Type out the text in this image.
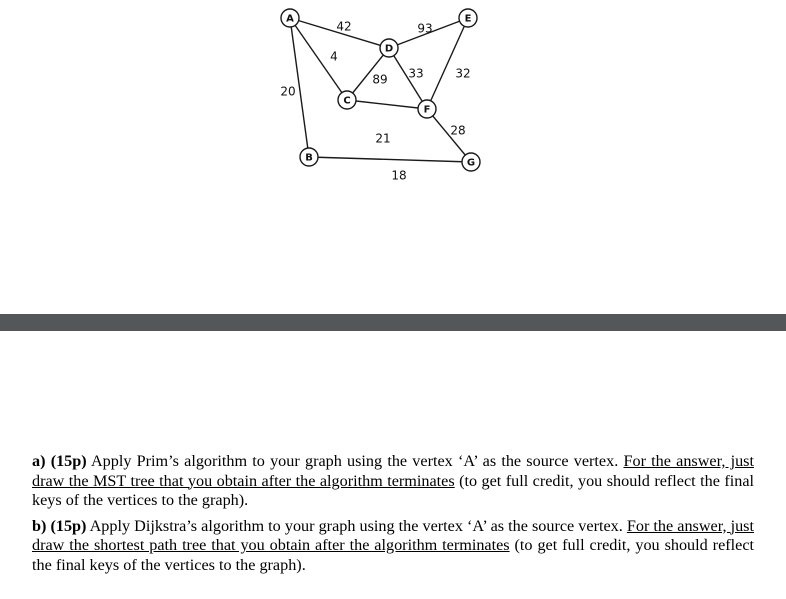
42
4
20
89
93
33	32
21
28
18
A
B
C
D
E
F
G

a) (15p) Apply Prim’s algorithm to your graph using the vertex ‘A’ as the source vertex. For the answer, just draw the MST tree that you obtain after the algorithm terminates (to get full credit, you should reflect the final keys of the vertices to the graph).

b) (15p) Apply Dijkstra’s algorithm to your graph using the vertex ‘A’ as the source vertex. For the answer, just draw the shortest path tree that you obtain after the algorithm terminates (to get full credit, you should reflect the final keys of the vertices to the graph).
